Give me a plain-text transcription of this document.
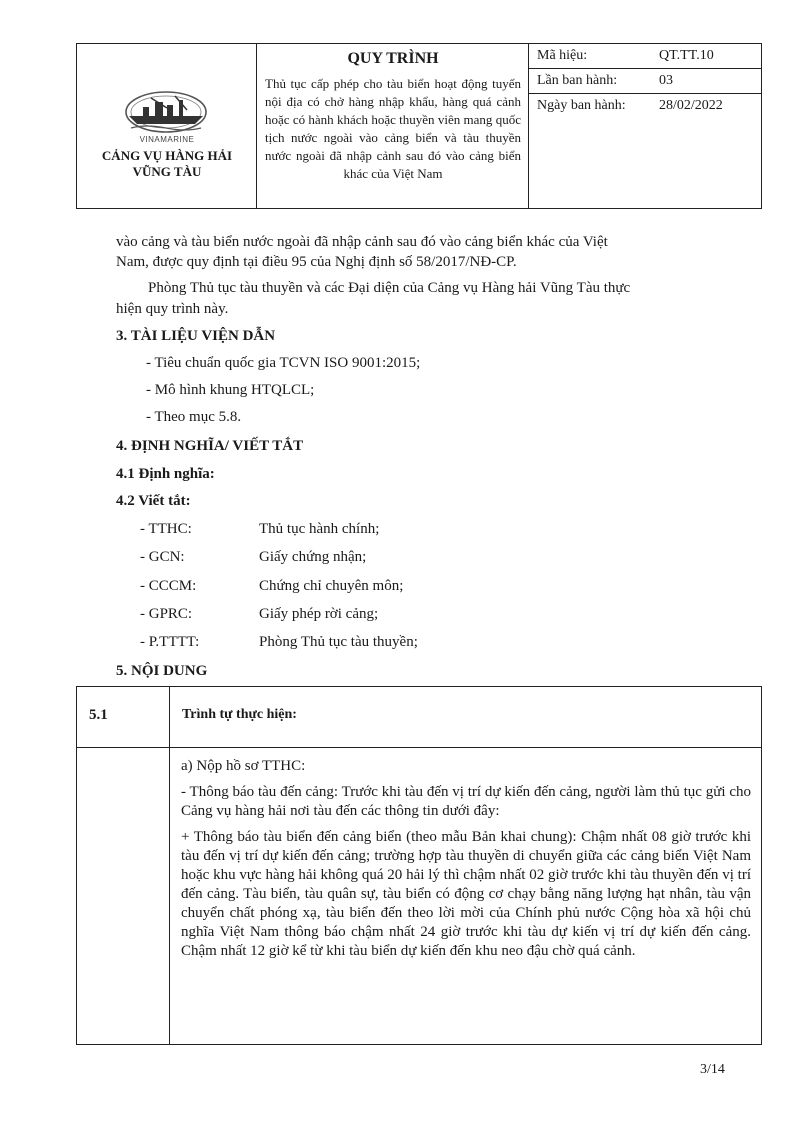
VINAMARINE
CẢNG VỤ HÀNG HẢI
VŨNG TÀU
QUY TRÌNH
Thủ tục cấp phép cho tàu biển hoạt động tuyến nội địa có chở hàng nhập khẩu, hàng quá cảnh hoặc có hành khách hoặc thuyền viên mang quốc tịch nước ngoài vào cảng biển và tàu thuyền nước ngoài đã nhập cảnh sau đó vào cảng biển khác của Việt Nam
Mã hiệu:	QT.TT.10
Lần ban hành:	03
Ngày ban hành: 28/02/2022
vào cảng và tàu biển nước ngoài đã nhập cảnh sau đó vào cảng biển khác của Việt
Nam, được quy định tại điều 95 của Nghị định số 58/2017/NĐ-CP.
Phòng Thủ tục tàu thuyền và các Đại diện của Cảng vụ Hàng hải Vũng Tàu thực
hiện quy trình này.
3. TÀI LIỆU VIỆN DẪN
- Tiêu chuẩn quốc gia TCVN ISO 9001:2015;
- Mô hình khung HTQLCL;
- Theo mục 5.8.
4. ĐỊNH NGHĨA/ VIẾT TẮT
4.1 Định nghĩa:
4.2 Viết tắt:
- TTHC:	Thủ tục hành chính;
- GCN:	Giấy chứng nhận;
- CCCM:	Chứng chỉ chuyên môn;
- GPRC:	Giấy phép rời cảng;
- P.TTTT:	Phòng Thủ tục tàu thuyền;
5. NỘI DUNG
5.1	Trình tự thực hiện:

a) Nộp hồ sơ TTHC:

- Thông báo tàu đến cảng: Trước khi tàu đến vị trí dự kiến đến cảng, người làm thủ tục gửi cho Cảng vụ hàng hải nơi tàu đến các thông tin dưới đây:

+ Thông báo tàu biển đến cảng biển (theo mẫu Bản khai chung): Chậm nhất 08 giờ trước khi tàu đến vị trí dự kiến đến cảng; trường hợp tàu thuyền di chuyển giữa các cảng biển Việt Nam hoặc khu vực hàng hải không quá 20 hải lý thì chậm nhất 02 giờ trước khi tàu thuyền đến vị trí đến cảng. Tàu biển, tàu quân sự, tàu biển có động cơ chạy bằng năng lượng hạt nhân, tàu vận chuyển chất phóng xạ, tàu biển đến theo lời mời của Chính phủ nước Cộng hòa xã hội chủ nghĩa Việt Nam thông báo chậm nhất 24 giờ trước khi tàu dự kiến vị trí dự kiến đến cảng. Chậm nhất 12 giờ kể từ khi tàu biển dự kiến đến khu neo đậu chờ quá cảnh.

3/14
